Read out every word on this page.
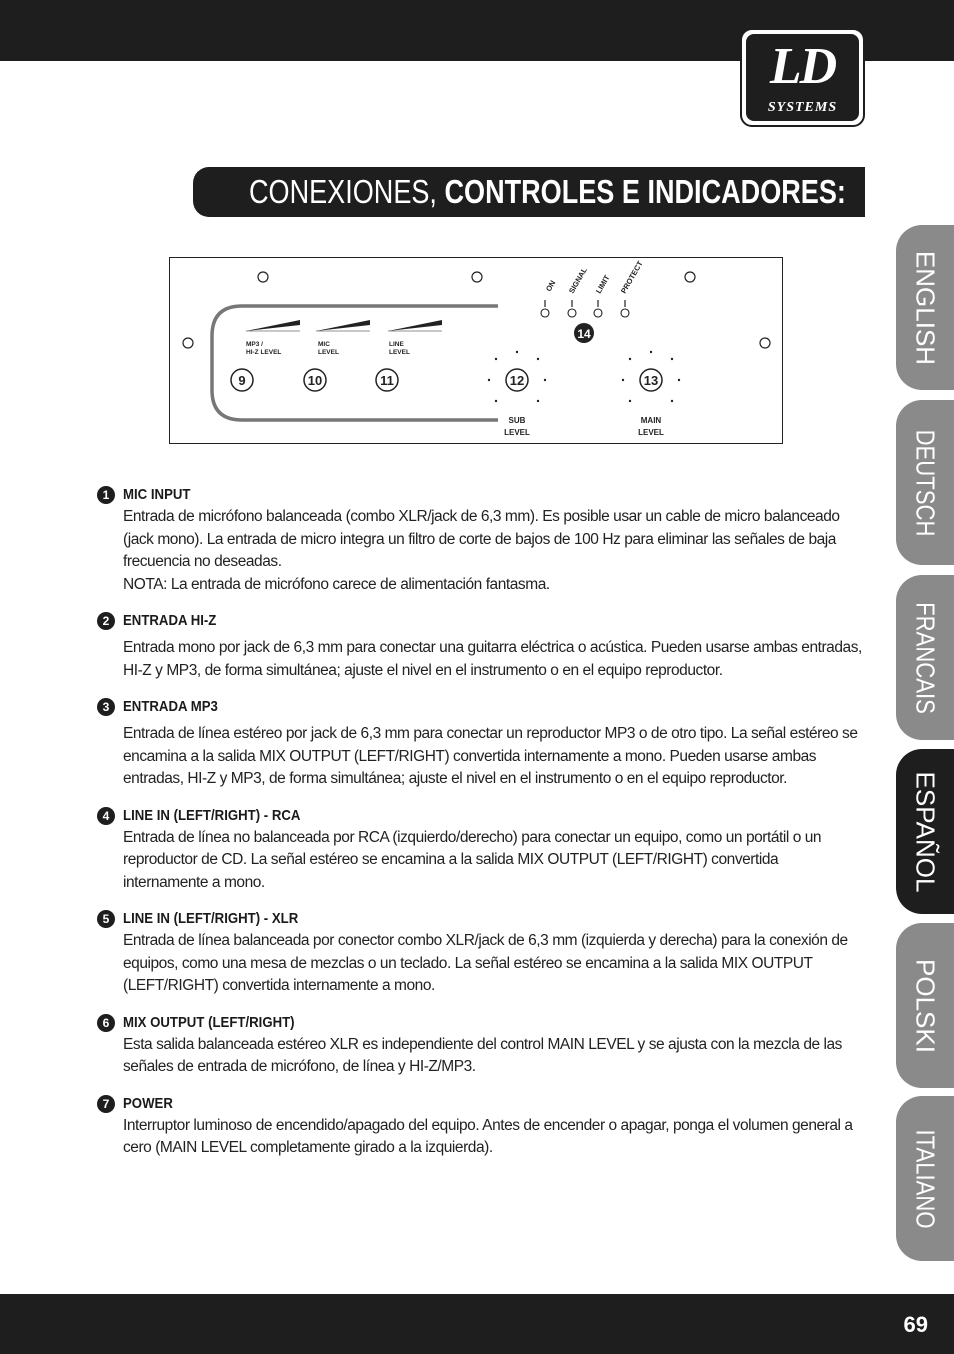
LD
SYSTEMS
CONEXIONES, CONTROLES E INDICADORES:
ENGLISH
DEUTSCH
FRANCAIS
ESPAÑOL
POLSKI
ITALIANO
MP3 /
HI-Z LEVEL
MIC
LEVEL
LINE
LEVEL
9	10	11
ON SIGNAL LIMIT PROTECT
14
12
SUB
LEVEL
13
MAIN
LEVEL
1 MIC INPUT
Entrada de micrófono balanceada (combo XLR/jack de 6,3 mm). Es posible usar un cable de micro balanceado (jack mono). La entrada de micro integra un filtro de corte de bajos de 100 Hz para eliminar las señales de baja frecuencia no deseadas.
NOTA: La entrada de micrófono carece de alimentación fantasma.
2 ENTRADA HI-Z
Entrada mono por jack de 6,3 mm para conectar una guitarra eléctrica o acústica. Pueden usarse ambas entradas, HI-Z y MP3, de forma simultánea; ajuste el nivel en el instrumento o en el equipo reproductor.
3 ENTRADA MP3
Entrada de línea estéreo por jack de 6,3 mm para conectar un reproductor MP3 o de otro tipo. La señal estéreo se encamina a la salida MIX OUTPUT (LEFT/RIGHT) convertida internamente a mono. Pueden usarse ambas entradas, HI-Z y MP3, de forma simultánea; ajuste el nivel en el instrumento o en el equipo reproductor.
4 LINE IN (LEFT/RIGHT) - RCA
Entrada de línea no balanceada por RCA (izquierdo/derecho) para conectar un equipo, como un portátil o un reproductor de CD. La señal estéreo se encamina a la salida MIX OUTPUT (LEFT/RIGHT) convertida internamente a mono.
5 LINE IN (LEFT/RIGHT) - XLR
Entrada de línea balanceada por conector combo XLR/jack de 6,3 mm (izquierda y derecha) para la conexión de equipos, como una mesa de mezclas o un teclado. La señal estéreo se encamina a la salida MIX OUTPUT (LEFT/RIGHT) convertida internamente a mono.
6 MIX OUTPUT (LEFT/RIGHT)
Esta salida balanceada estéreo XLR es independiente del control MAIN LEVEL y se ajusta con la mezcla de las señales de entrada de micrófono, de línea y HI-Z/MP3.
7 POWER
Interruptor luminoso de encendido/apagado del equipo. Antes de encender o apagar, ponga el volumen general a cero (MAIN LEVEL completamente girado a la izquierda).
69
